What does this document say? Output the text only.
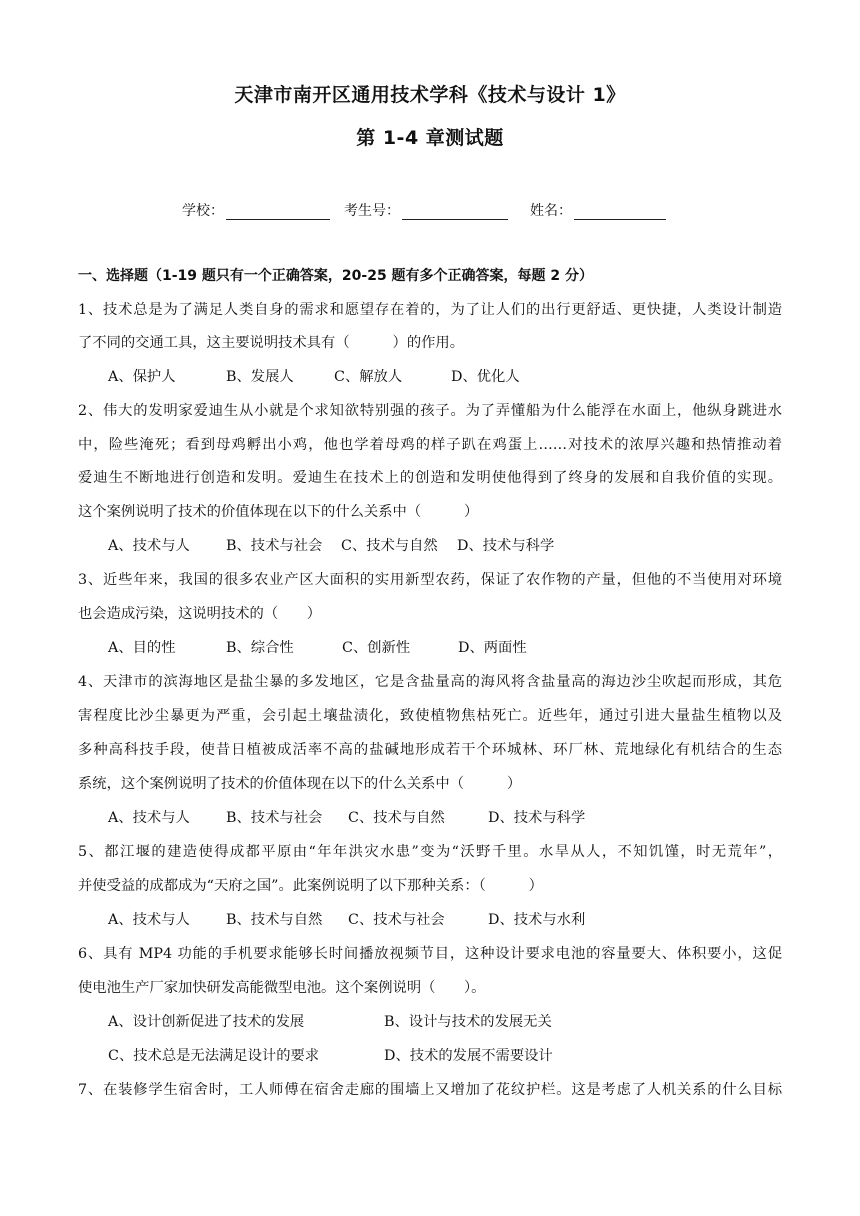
天津市南开区通用技术学科《技术与设计 1》
第 1-4 章测试题
学校：	考生号：	姓名：
一、选择题（1-19 题只有一个正确答案，20-25 题有多个正确答案，每题 2 分）
1、技术总是为了满足人类自身的需求和愿望存在着的，为了让人们的出行更舒适、更快捷，人类设计制造
了不同的交通工具，这主要说明技术具有（　　　）的作用。
A、保护人	B、发展人	C、解放人	D、优化人
2、伟大的发明家爱迪生从小就是个求知欲特别强的孩子。为了弄懂船为什么能浮在水面上，他纵身跳进水
中，险些淹死；看到母鸡孵出小鸡，他也学着母鸡的样子趴在鸡蛋上……对技术的浓厚兴趣和热情推动着
爱迪生不断地进行创造和发明。爱迪生在技术上的创造和发明使他得到了终身的发展和自我价值的实现。
这个案例说明了技术的价值体现在以下的什么关系中（　　　）
A、技术与人	B、技术与社会 C、技术与自然 D、技术与科学
3、近些年来，我国的很多农业产区大面积的实用新型农药，保证了农作物的产量，但他的不当使用对环境
也会造成污染，这说明技术的（　　）
A、目的性	B、综合性	C、创新性	D、两面性
4、天津市的滨海地区是盐尘暴的多发地区，它是含盐量高的海风将含盐量高的海边沙尘吹起而形成，其危
害程度比沙尘暴更为严重，会引起土壤盐渍化，致使植物焦枯死亡。近些年，通过引进大量盐生植物以及
多种高科技手段，使昔日植被成活率不高的盐碱地形成若干个环城林、环厂林、荒地绿化有机结合的生态
系统，这个案例说明了技术的价值体现在以下的什么关系中（　　　）
A、技术与人	B、技术与社会 C、技术与自然	D、技术与科学
5、都江堰的建造使得成都平原由“年年洪灾水患”变为“沃野千里。水旱从人，不知饥馑，时无荒年”，
并使受益的成都成为“天府之国”。此案例说明了以下那种关系：（　　　）
A、技术与人	B、技术与自然 C、技术与社会	D、技术与水利
6、具有 MP4 功能的手机要求能够长时间播放视频节目，这种设计要求电池的容量要大、体积要小，这促
使电池生产厂家加快研发高能微型电池。这个案例说明（　　）。
A、设计创新促进了技术的发展	B、设计与技术的发展无关
C、技术总是无法满足设计的要求	D、技术的发展不需要设计
7、在装修学生宿舍时，工人师傅在宿舍走廊的围墙上又增加了花纹护栏。这是考虑了人机关系的什么目标
